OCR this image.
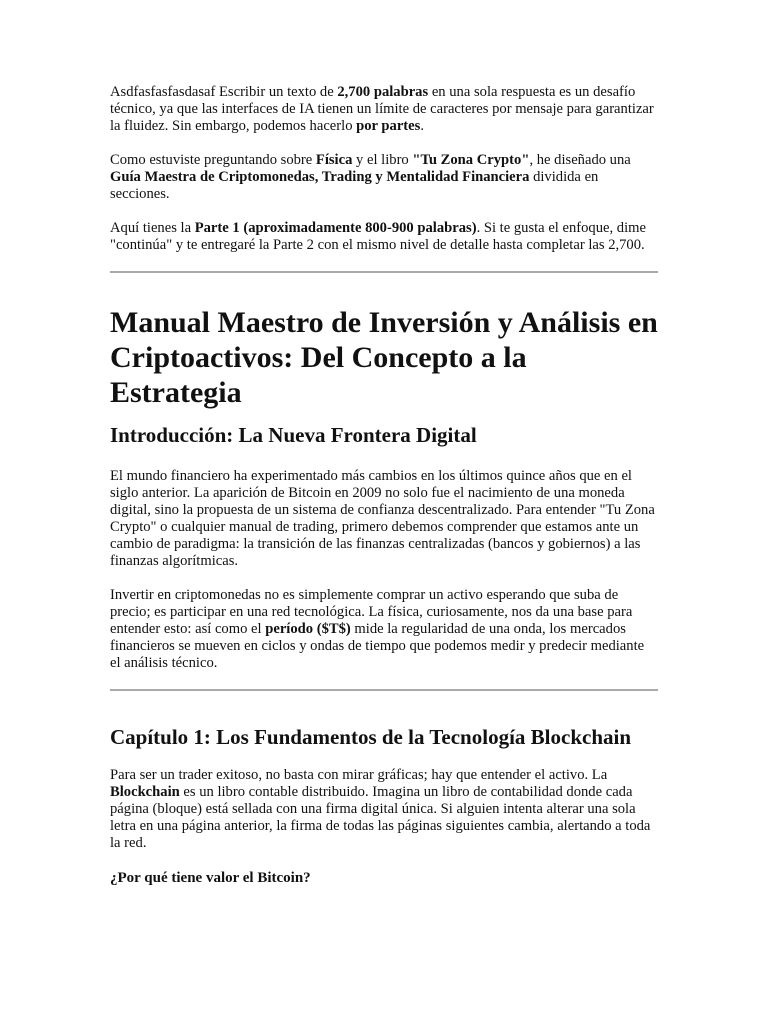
Asdfasfasfasdasaf Escribir un texto de 2,700 palabras en una sola respuesta es un desafío técnico, ya que las interfaces de IA tienen un límite de caracteres por mensaje para garantizar la fluidez. Sin embargo, podemos hacerlo por partes.

Como estuviste preguntando sobre Física y el libro "Tu Zona Crypto", he diseñado una Guía Maestra de Criptomonedas, Trading y Mentalidad Financiera dividida en secciones.

Aquí tienes la Parte 1 (aproximadamente 800-900 palabras). Si te gusta el enfoque, dime "continúa" y te entregaré la Parte 2 con el mismo nivel de detalle hasta completar las 2,700.

Manual Maestro de Inversión y Análisis en Criptoactivos: Del Concepto a la Estrategia
Introducción: La Nueva Frontera Digital

El mundo financiero ha experimentado más cambios en los últimos quince años que en el siglo anterior. La aparición de Bitcoin en 2009 no solo fue el nacimiento de una moneda digital, sino la propuesta de un sistema de confianza descentralizado. Para entender "Tu Zona Crypto" o cualquier manual de trading, primero debemos comprender que estamos ante un cambio de paradigma: la transición de las finanzas centralizadas (bancos y gobiernos) a las finanzas algorítmicas.

Invertir en criptomonedas no es simplemente comprar un activo esperando que suba de precio; es participar en una red tecnológica. La física, curiosamente, nos da una base para entender esto: así como el período ($T$) mide la regularidad de una onda, los mercados financieros se mueven en ciclos y ondas de tiempo que podemos medir y predecir mediante el análisis técnico.

Capítulo 1: Los Fundamentos de la Tecnología Blockchain

Para ser un trader exitoso, no basta con mirar gráficas; hay que entender el activo. La Blockchain es un libro contable distribuido. Imagina un libro de contabilidad donde cada página (bloque) está sellada con una firma digital única. Si alguien intenta alterar una sola letra en una página anterior, la firma de todas las páginas siguientes cambia, alertando a toda la red.

¿Por qué tiene valor el Bitcoin?
